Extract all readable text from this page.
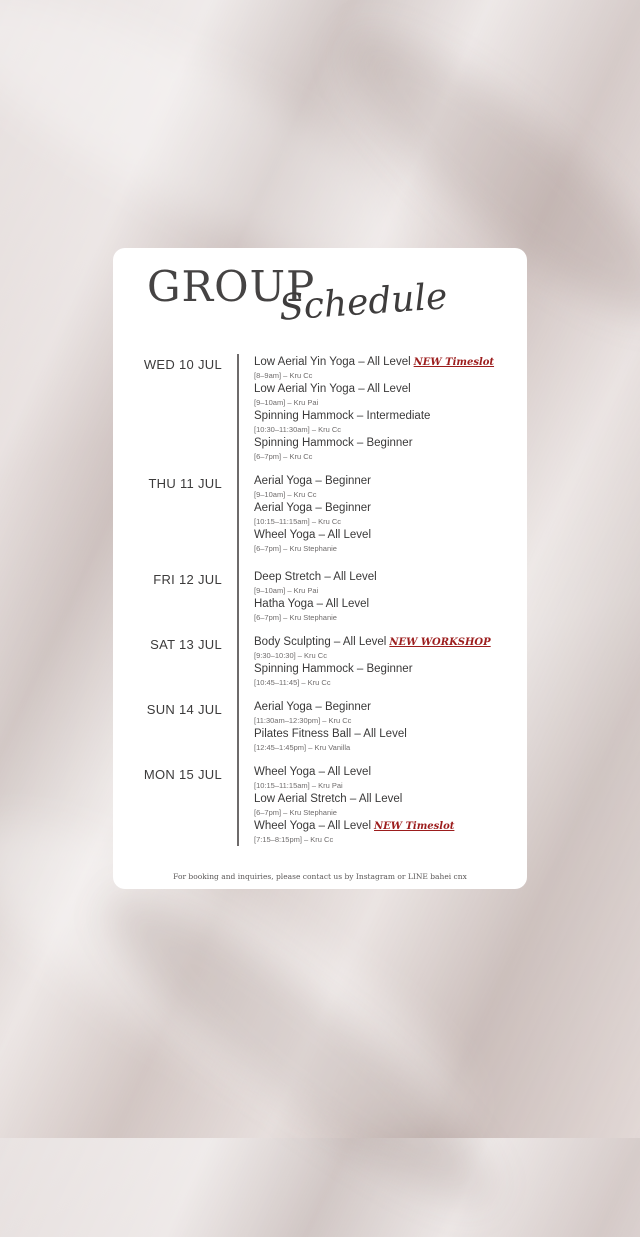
GROUP
Schedule
WED 10 JUL	Low Aerial Yin Yoga – All Level NEW Timeslot
[8–9am] – Kru Cc
Low Aerial Yin Yoga – All Level
[9–10am] – Kru Pai
Spinning Hammock – Intermediate
[10:30–11:30am] – Kru Cc
Spinning Hammock – Beginner
[6–7pm] – Kru Cc
THU 11 JUL	Aerial Yoga – Beginner
[9–10am] – Kru Cc
Aerial Yoga – Beginner
[10:15–11:15am] – Kru Cc
Wheel Yoga – All Level
[6–7pm] – Kru Stephanie
FRI 12 JUL	Deep Stretch – All Level
[9–10am] – Kru Pai
Hatha Yoga – All Level
[6–7pm] – Kru Stephanie
SAT 13 JUL	Body Sculpting – All Level NEW WORKSHOP
[9:30–10:30] – Kru Cc
Spinning Hammock – Beginner
[10:45–11:45] – Kru Cc
SUN 14 JUL	Aerial Yoga – Beginner
[11:30am–12:30pm] – Kru Cc
Pilates Fitness Ball – All Level
[12:45–1:45pm] – Kru Vanilla
MON 15 JUL	Wheel Yoga – All Level
[10:15–11:15am] – Kru Pai
Low Aerial Stretch – All Level
[6–7pm] – Kru Stephanie
Wheel Yoga – All Level NEW Timeslot
[7:15–8:15pm] – Kru Cc
For booking and inquiries, please contact us by Instagram or LINE bahei cnx
